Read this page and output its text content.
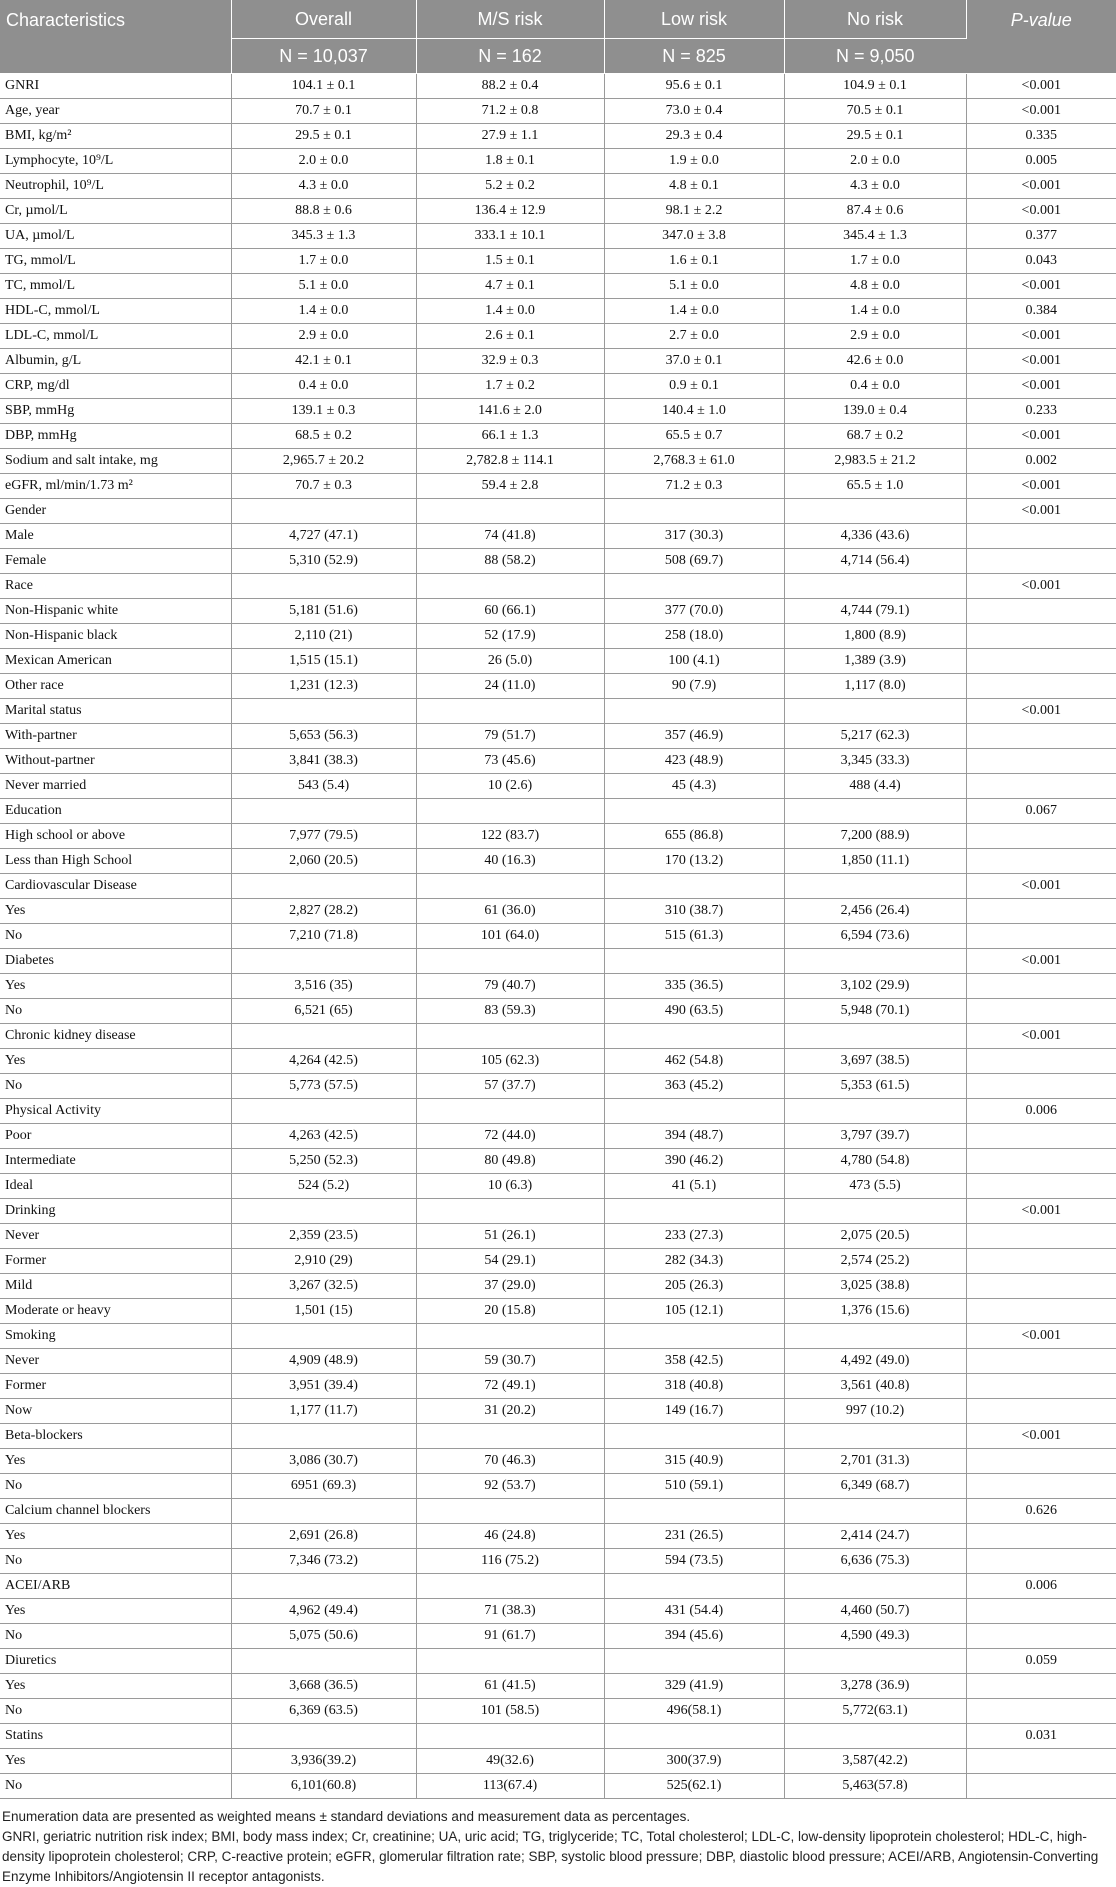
Characteristics	Overall	M/S risk	Low risk	No risk	P-value
	N = 10,037	N = 162	N = 825	N = 9,050	
GNRI	104.1 ± 0.1	88.2 ± 0.4	95.6 ± 0.1	104.9 ± 0.1	<0.001
Age, year	70.7 ± 0.1	71.2 ± 0.8	73.0 ± 0.4	70.5 ± 0.1	<0.001
BMI, kg/m²	29.5 ± 0.1	27.9 ± 1.1	29.3 ± 0.4	29.5 ± 0.1	0.335
Lymphocyte, 10⁹/L	2.0 ± 0.0	1.8 ± 0.1	1.9 ± 0.0	2.0 ± 0.0	0.005
Neutrophil, 10⁹/L	4.3 ± 0.0	5.2 ± 0.2	4.8 ± 0.1	4.3 ± 0.0	<0.001
Cr, µmol/L	88.8 ± 0.6	136.4 ± 12.9	98.1 ± 2.2	87.4 ± 0.6	<0.001
UA, µmol/L	345.3 ± 1.3	333.1 ± 10.1	347.0 ± 3.8	345.4 ± 1.3	0.377
TG, mmol/L	1.7 ± 0.0	1.5 ± 0.1	1.6 ± 0.1	1.7 ± 0.0	0.043
TC, mmol/L	5.1 ± 0.0	4.7 ± 0.1	5.1 ± 0.0	4.8 ± 0.0	<0.001
HDL-C, mmol/L	1.4 ± 0.0	1.4 ± 0.0	1.4 ± 0.0	1.4 ± 0.0	0.384
LDL-C, mmol/L	2.9 ± 0.0	2.6 ± 0.1	2.7 ± 0.0	2.9 ± 0.0	<0.001
Albumin, g/L	42.1 ± 0.1	32.9 ± 0.3	37.0 ± 0.1	42.6 ± 0.0	<0.001
CRP, mg/dl	0.4 ± 0.0	1.7 ± 0.2	0.9 ± 0.1	0.4 ± 0.0	<0.001
SBP, mmHg	139.1 ± 0.3	141.6 ± 2.0	140.4 ± 1.0	139.0 ± 0.4	0.233
DBP, mmHg	68.5 ± 0.2	66.1 ± 1.3	65.5 ± 0.7	68.7 ± 0.2	<0.001
Sodium and salt intake, mg	2,965.7 ± 20.2	2,782.8 ± 114.1	2,768.3 ± 61.0	2,983.5 ± 21.2	0.002
eGFR, ml/min/1.73 m²	70.7 ± 0.3	59.4 ± 2.8	71.2 ± 0.3	65.5 ± 1.0	<0.001
Gender					<0.001
Male	4,727 (47.1)	74 (41.8)	317 (30.3)	4,336 (43.6)	
Female	5,310 (52.9)	88 (58.2)	508 (69.7)	4,714 (56.4)	
Race					<0.001
Non-Hispanic white	5,181 (51.6)	60 (66.1)	377 (70.0)	4,744 (79.1)	
Non-Hispanic black	2,110 (21)	52 (17.9)	258 (18.0)	1,800 (8.9)	
Mexican American	1,515 (15.1)	26 (5.0)	100 (4.1)	1,389 (3.9)	
Other race	1,231 (12.3)	24 (11.0)	90 (7.9)	1,117 (8.0)	
Marital status					<0.001
With-partner	5,653 (56.3)	79 (51.7)	357 (46.9)	5,217 (62.3)	
Without-partner	3,841 (38.3)	73 (45.6)	423 (48.9)	3,345 (33.3)	
Never married	543 (5.4)	10 (2.6)	45 (4.3)	488 (4.4)	
Education					0.067
High school or above	7,977 (79.5)	122 (83.7)	655 (86.8)	7,200 (88.9)	
Less than High School	2,060 (20.5)	40 (16.3)	170 (13.2)	1,850 (11.1)	
Cardiovascular Disease					<0.001
Yes	2,827 (28.2)	61 (36.0)	310 (38.7)	2,456 (26.4)	
No	7,210 (71.8)	101 (64.0)	515 (61.3)	6,594 (73.6)	
Diabetes					<0.001
Yes	3,516 (35)	79 (40.7)	335 (36.5)	3,102 (29.9)	
No	6,521 (65)	83 (59.3)	490 (63.5)	5,948 (70.1)	
Chronic kidney disease					<0.001
Yes	4,264 (42.5)	105 (62.3)	462 (54.8)	3,697 (38.5)	
No	5,773 (57.5)	57 (37.7)	363 (45.2)	5,353 (61.5)	
Physical Activity					0.006
Poor	4,263 (42.5)	72 (44.0)	394 (48.7)	3,797 (39.7)	
Intermediate	5,250 (52.3)	80 (49.8)	390 (46.2)	4,780 (54.8)	
Ideal	524 (5.2)	10 (6.3)	41 (5.1)	473 (5.5)	
Drinking					<0.001
Never	2,359 (23.5)	51 (26.1)	233 (27.3)	2,075 (20.5)	
Former	2,910 (29)	54 (29.1)	282 (34.3)	2,574 (25.2)	
Mild	3,267 (32.5)	37 (29.0)	205 (26.3)	3,025 (38.8)	
Moderate or heavy	1,501 (15)	20 (15.8)	105 (12.1)	1,376 (15.6)	
Smoking					<0.001
Never	4,909 (48.9)	59 (30.7)	358 (42.5)	4,492 (49.0)	
Former	3,951 (39.4)	72 (49.1)	318 (40.8)	3,561 (40.8)	
Now	1,177 (11.7)	31 (20.2)	149 (16.7)	997 (10.2)	
Beta-blockers					<0.001
Yes	3,086 (30.7)	70 (46.3)	315 (40.9)	2,701 (31.3)	
No	6951 (69.3)	92 (53.7)	510 (59.1)	6,349 (68.7)	
Calcium channel blockers					0.626
Yes	2,691 (26.8)	46 (24.8)	231 (26.5)	2,414 (24.7)	
No	7,346 (73.2)	116 (75.2)	594 (73.5)	6,636 (75.3)	
ACEI/ARB					0.006
Yes	4,962 (49.4)	71 (38.3)	431 (54.4)	4,460 (50.7)	
No	5,075 (50.6)	91 (61.7)	394 (45.6)	4,590 (49.3)	
Diuretics					0.059
Yes	3,668 (36.5)	61 (41.5)	329 (41.9)	3,278 (36.9)	
No	6,369 (63.5)	101 (58.5)	496(58.1)	5,772(63.1)	
Statins					0.031
Yes	3,936(39.2)	49(32.6)	300(37.9)	3,587(42.2)	
No	6,101(60.8)	113(67.4)	525(62.1)	5,463(57.8)	

Enumeration data are presented as weighted means ± standard deviations and measurement data as percentages.

GNRI, geriatric nutrition risk index; BMI, body mass index; Cr, creatinine; UA, uric acid; TG, triglyceride; TC, Total cholesterol; LDL-C, low-density lipoprotein cholesterol; HDL-C, high-density lipoprotein cholesterol; CRP, C-reactive protein; eGFR, glomerular filtration rate; SBP, systolic blood pressure; DBP, diastolic blood pressure; ACEI/ARB, Angiotensin-Converting Enzyme Inhibitors/Angiotensin II receptor antagonists.
